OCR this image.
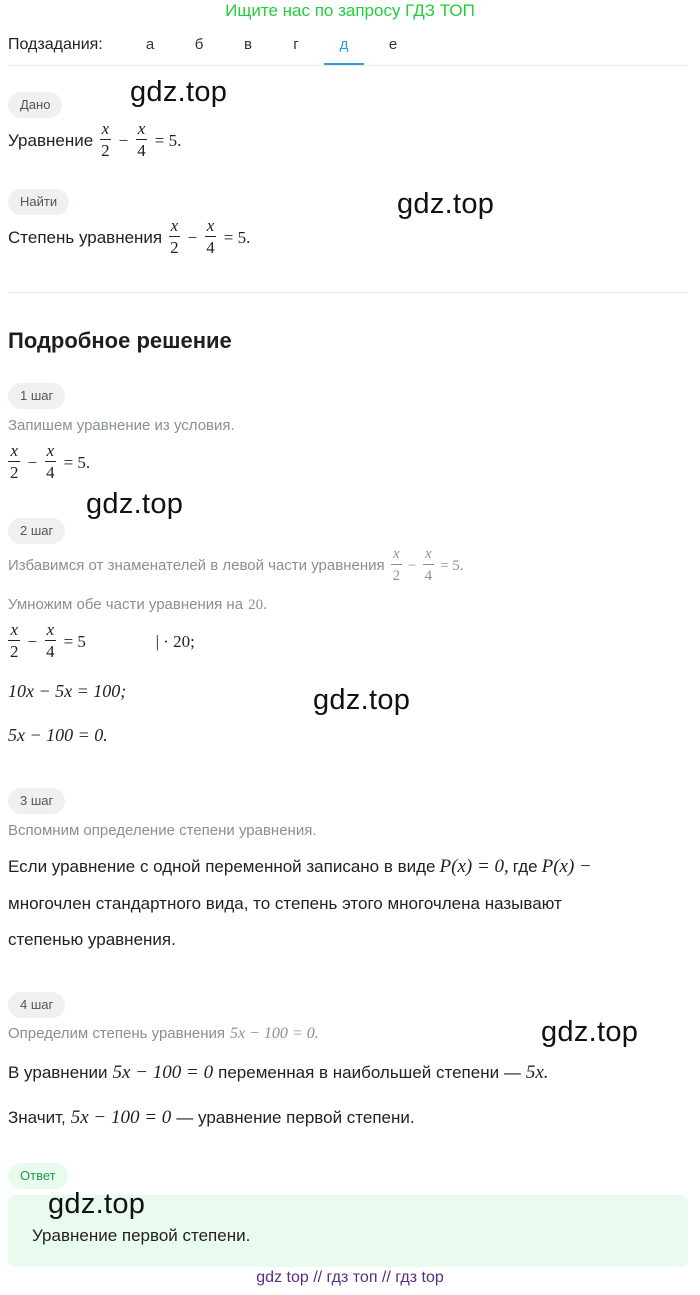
Ищите нас по запросу ГДЗ ТОП
Подзадания:	а	б	в	г	д	е
Дано	gdz.top
Уравнение $\frac{x}{2} - \frac{x}{4} = 5$.
Найти	gdz.top
Степень уравнения $\frac{x}{2} - \frac{x}{4} = 5$.
Подробное решение
1 шаг
Запишем уравнение из условия.
$\frac{x}{2} - \frac{x}{4} = 5$.
gdz.top
2 шаг
Избавимся от знаменателей в левой части уравнения $\frac{x}{2} - \frac{x}{4} = 5$.
Умножим обе части уравнения на 20.
$\frac{x}{2} - \frac{x}{4} = 5$	| · 20;
10x − 5x = 100;
5x − 100 = 0.
gdz.top
3 шаг
Вспомним определение степени уравнения.
Если уравнение с одной переменной записано в виде P(x) = 0, где P(x) −
многочлен стандартного вида, то степень этого многочлена называют
степенью уравнения.
4 шаг
Определим степень уравнения 5x − 100 = 0.	gdz.top
В уравнении 5x − 100 = 0 переменная в наибольшей степени — 5x.
Значит, 5x − 100 = 0 — уравнение первой степени.
Ответ
gdz.top
Уравнение первой степени.
gdz top // гдз топ // гдз top
